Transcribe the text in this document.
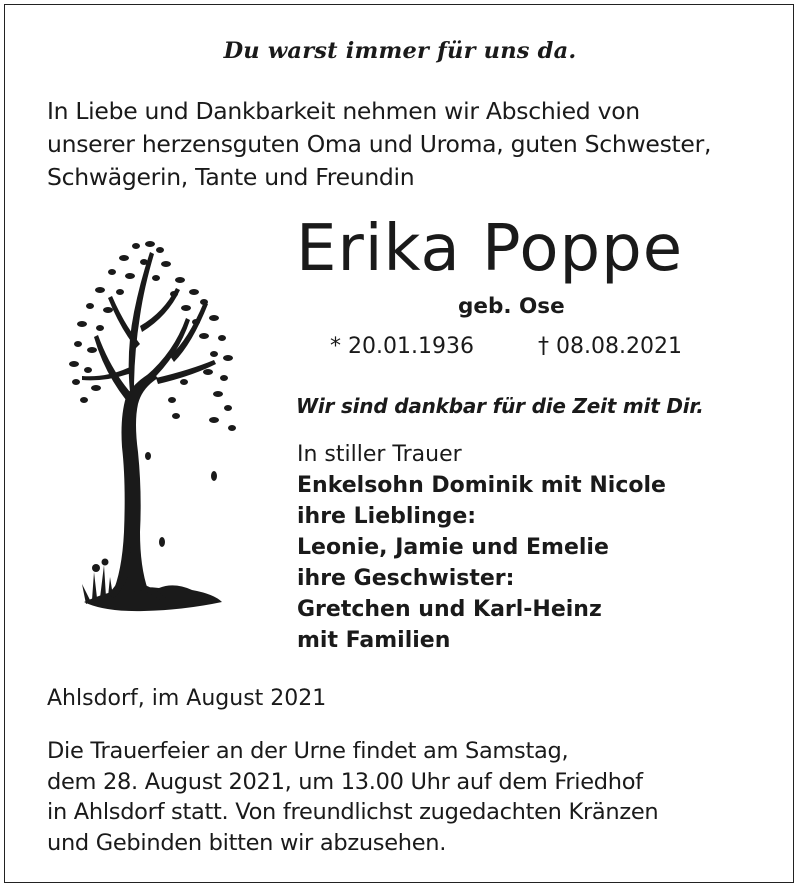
Du warst immer für uns da.

In Liebe und Dankbarkeit nehmen wir Abschied von
unserer herzensguten Oma und Uroma, guten Schwester,
Schwägerin, Tante und Freundin
Erika Poppe
geb. Ose
* 20.01.1936	† 08.08.2021
Wir sind dankbar für die Zeit mit Dir.
In stiller Trauer
Enkelsohn Dominik mit Nicole
ihre Lieblinge:
Leonie, Jamie und Emelie
ihre Geschwister:
Gretchen und Karl-Heinz
mit Familien
Ahlsdorf, im August 2021
Die Trauerfeier an der Urne findet am Samstag,
dem 28. August 2021, um 13.00 Uhr auf dem Friedhof
in Ahlsdorf statt. Von freundlichst zugedachten Kränzen
und Gebinden bitten wir abzusehen.
